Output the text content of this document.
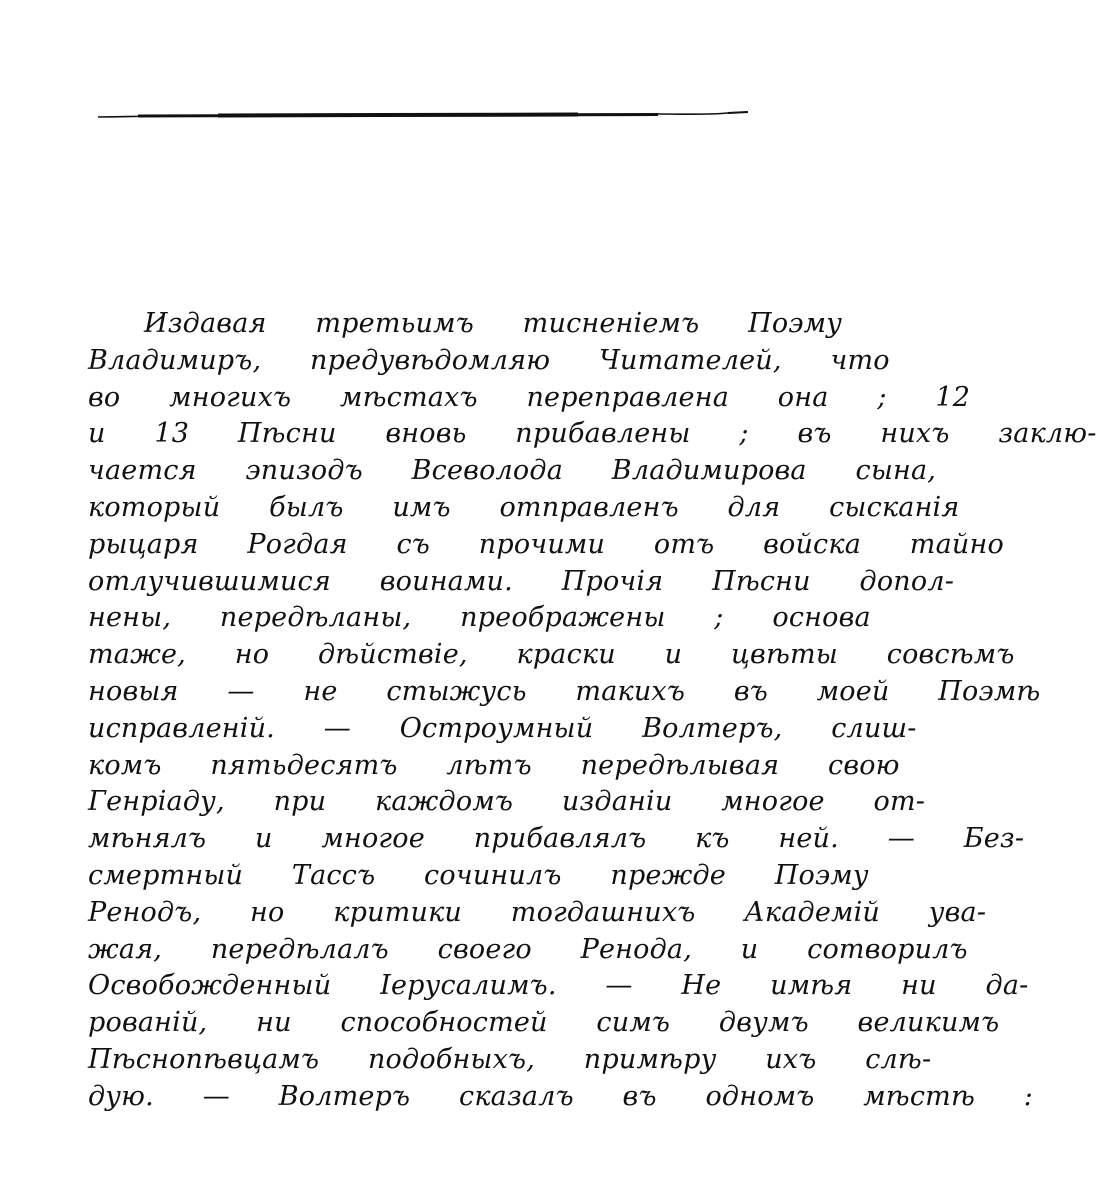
Издавая третьимъ тисненіемъ Поэму
Владимиръ, предувѣдомляю Читателей, что
во многихъ мѣстахъ переправлена она ; 12
и 13 Пѣсни вновь прибавлены ; въ нихъ заклю-
чается эпизодъ Всеволода Владимирова сына,
который былъ имъ отправленъ для сысканія
рыцаря Рогдая съ прочими отъ войска тайно
отлучившимися воинами. Прочія Пѣсни допол-
нены, передѣланы, преображены ; основа
таже, но дѣйствіе, краски и цвѣты совсѣмъ
новыя — не стыжусь такихъ въ моей Поэмѣ
исправленій. — Остроумный Волтеръ, слиш-
комъ пятьдесятъ лѣтъ передѣлывая свою
Генріаду, при каждомъ изданіи многое от-
мѣнялъ и многое прибавлялъ къ ней. — Без-
смертный Тассъ сочинилъ прежде Поэму
Ренодъ, но критики тогдашнихъ Академій ува-
жая, передѣлалъ своего Ренода, и сотворилъ
Освобожденный Іерусалимъ. — Не имѣя ни да-
рованій, ни способностей симъ двумъ великимъ
Пѣснопѣвцамъ подобныхъ, примѣру ихъ слѣ-
дую. — Волтеръ сказалъ въ одномъ мѣстѣ :
